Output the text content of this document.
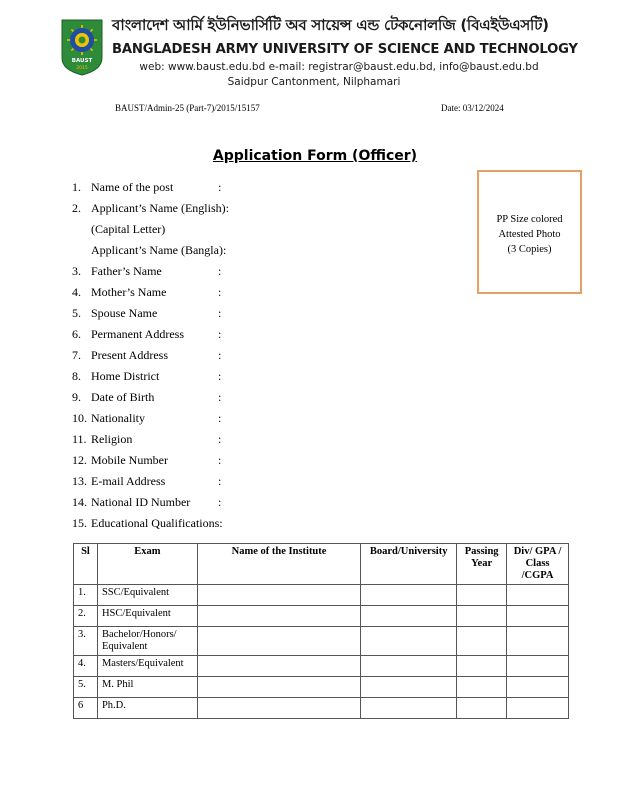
BAUST
2015
বাংলাদেশ আর্মি ইউনিভার্সিটি অব সায়েন্স এন্ড টেকনোলজি (বিএইউএসটি)
BANGLADESH ARMY UNIVERSITY OF SCIENCE AND TECHNOLOGY
web: www.baust.edu.bd e-mail: registrar@baust.edu.bd, info@baust.edu.bd
Saidpur Cantonment, Nilphamari
BAUST/Admin-25 (Part-7)/2015/15157	Date: 03/12/2024
Application Form (Officer)
PP Size colored
Attested Photo
(3 Copies)
1. Name of the post	:
2. Applicant’s Name (English):
(Capital Letter)
Applicant’s Name (Bangla):
3. Father’s Name	:
4. Mother’s Name	:
5. Spouse Name	:
6. Permanent Address	:
7. Present Address	:
8. Home District	:
9. Date of Birth	:
10. Nationality	:
11. Religion	:
12. Mobile Number	:
13. E-mail Address	:
14. National ID Number :
15. Educational Qualifications:
Sl	Exam	Name of the Institute	Board/University	Passing Year	Div/ GPA / Class /CGPA
1.	SSC/Equivalent				
2.	HSC/Equivalent				
3.	Bachelor/Honors/ Equivalent				
4.	Masters/Equivalent				
5.	M. Phil				
6	Ph.D.				
